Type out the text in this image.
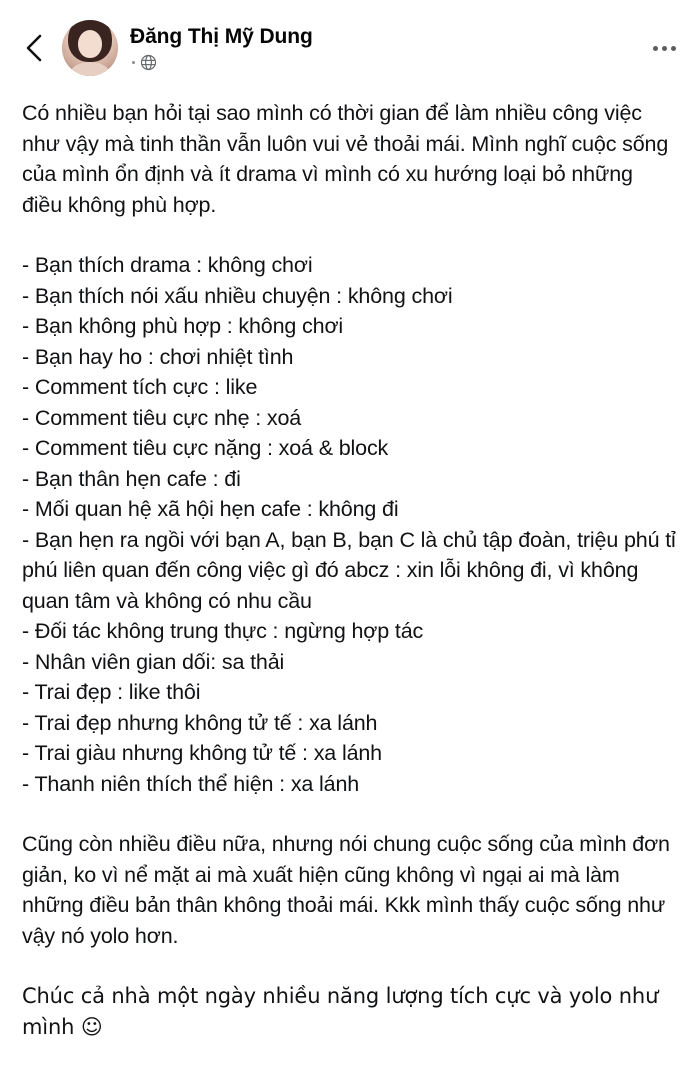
Đăng Thị Mỹ Dung

Có nhiều bạn hỏi tại sao mình có thời gian để làm nhiều công việc như vậy mà tinh thần vẫn luôn vui vẻ thoải mái. Mình nghĩ cuộc sống của mình ổn định và ít drama vì mình có xu hướng loại bỏ những điều không phù hợp.

- Bạn thích drama : không chơi

- Bạn thích nói xấu nhiều chuyện : không chơi

- Bạn không phù hợp : không chơi

- Bạn hay ho : chơi nhiệt tình

- Comment tích cực : like

- Comment tiêu cực nhẹ : xoá

- Comment tiêu cực nặng : xoá & block

- Bạn thân hẹn cafe : đi

- Mối quan hệ xã hội hẹn cafe : không đi

- Bạn hẹn ra ngồi với bạn A, bạn B, bạn C là chủ tập đoàn, triệu phú tỉ phú liên quan đến công việc gì đó abcz : xin lỗi không đi, vì không quan tâm và không có nhu cầu

- Đối tác không trung thực : ngừng hợp tác

- Nhân viên gian dối: sa thải

- Trai đẹp : like thôi

- Trai đẹp nhưng không tử tế : xa lánh

- Trai giàu nhưng không tử tế : xa lánh

- Thanh niên thích thể hiện : xa lánh

Cũng còn nhiều điều nữa, nhưng nói chung cuộc sống của mình đơn giản, ko vì nể mặt ai mà xuất hiện cũng không vì ngại ai mà làm những điều bản thân không thoải mái. Kkk mình thấy cuộc sống như vậy nó yolo hơn.

Chúc cả nhà một ngày nhiều năng lượng tích cực và yolo như mình ☺
